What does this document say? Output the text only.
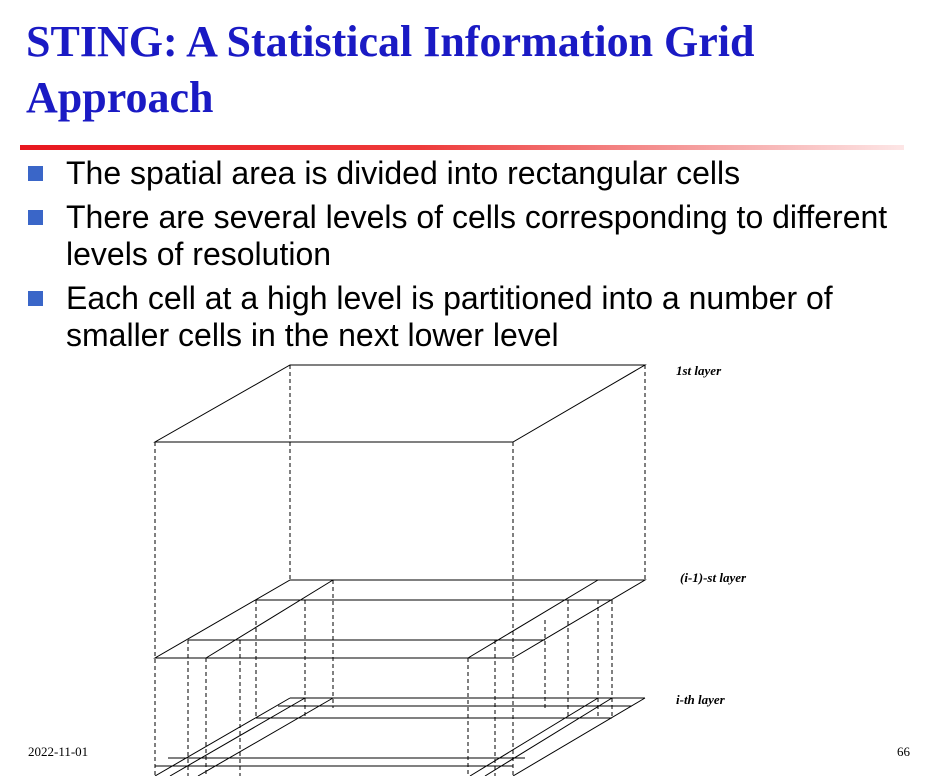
STING: A Statistical Information Grid Approach
The spatial area is divided into rectangular cells
There are several levels of cells corresponding to different levels of resolution
Each cell at a high level is partitioned into a number of smaller cells in the next lower level
1st layer
(i-1)-st layer
i-th layer
2022-11-01	66
